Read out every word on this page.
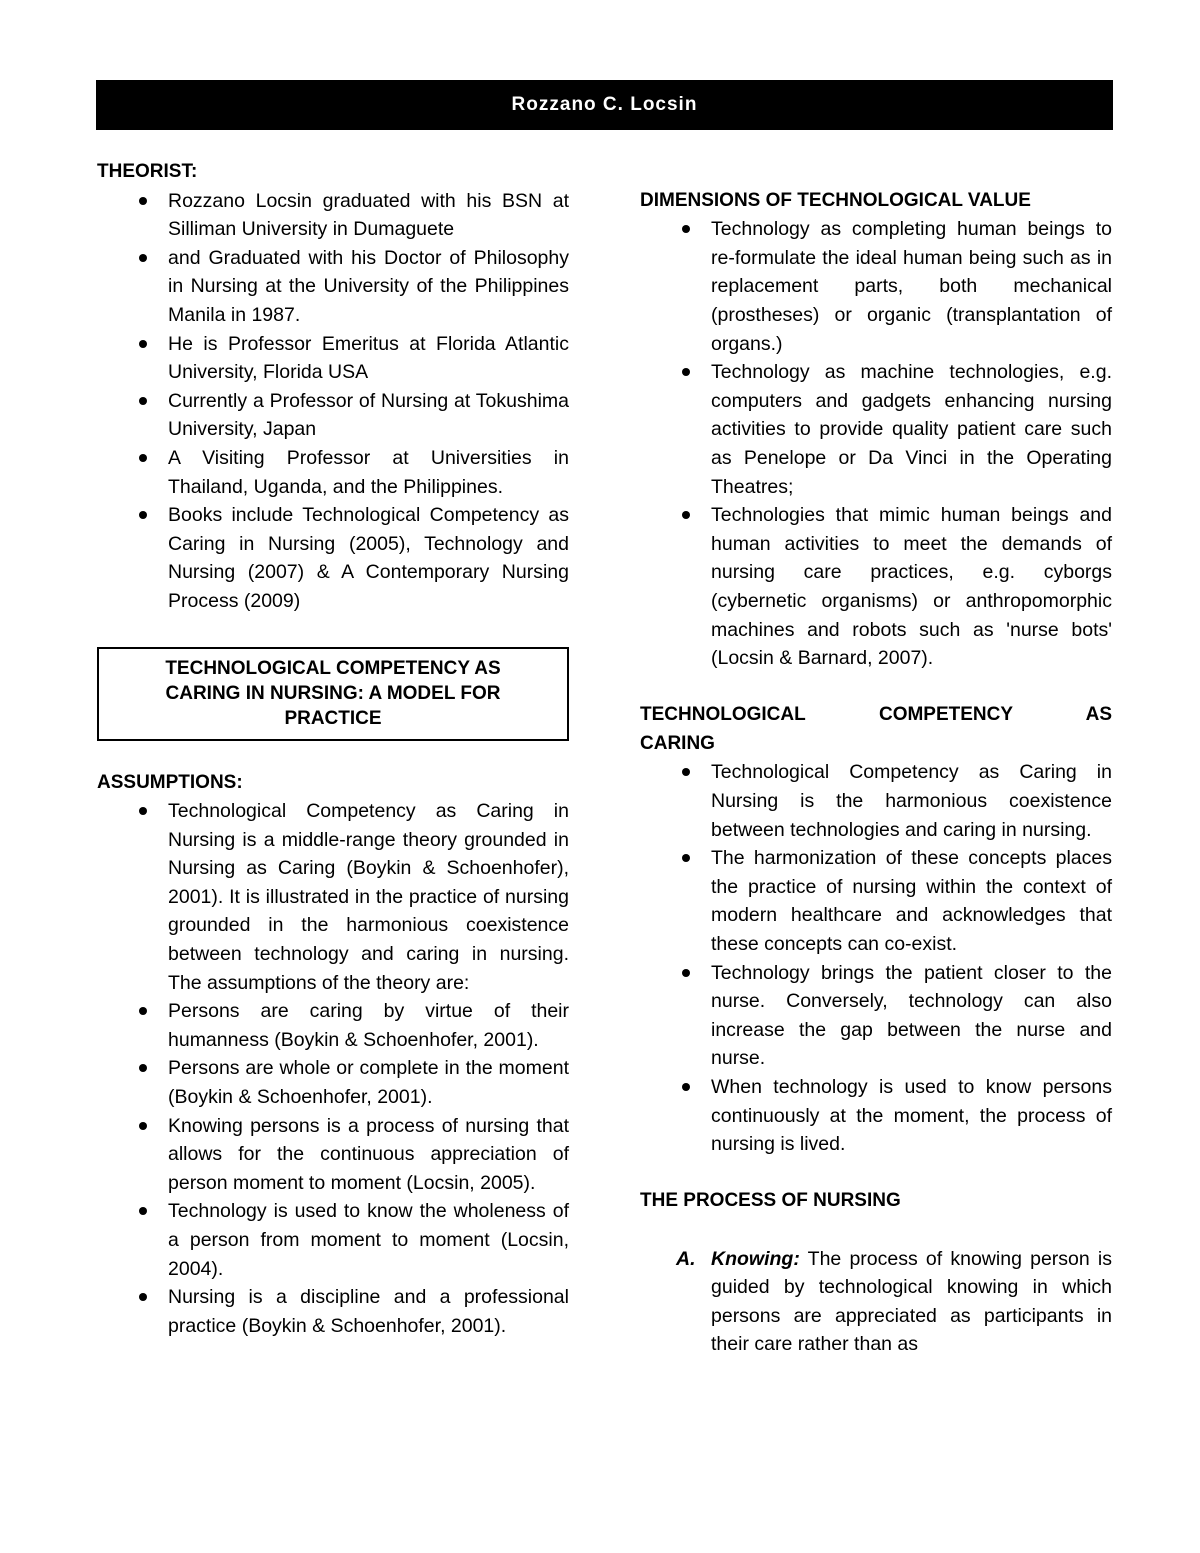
Rozzano C. Locsin

THEORIST:

Rozzano Locsin graduated with his BSN at Silliman University in Dumaguete
and Graduated with his Doctor of Philosophy in Nursing at the University of the Philippines Manila in 1987.
He is Professor Emeritus at Florida Atlantic University, Florida USA
Currently a Professor of Nursing at Tokushima University, Japan
A Visiting Professor at Universities in Thailand, Uganda, and the Philippines.
Books include Technological Competency as Caring in Nursing (2005), Technology and Nursing (2007) & A Contemporary Nursing Process (2009)
TECHNOLOGICAL COMPETENCY AS CARING IN NURSING: A MODEL FOR PRACTICE

ASSUMPTIONS:

Technological Competency as Caring in Nursing is a middle-range theory grounded in Nursing as Caring (Boykin & Schoenhofer), 2001). It is illustrated in the practice of nursing grounded in the harmonious coexistence between technology and caring in nursing. The assumptions of the theory are:
Persons are caring by virtue of their humanness (Boykin & Schoenhofer, 2001).
Persons are whole or complete in the moment (Boykin & Schoenhofer, 2001).
Knowing persons is a process of nursing that allows for the continuous appreciation of person moment to moment (Locsin, 2005).
Technology is used to know the wholeness of a person from moment to moment (Locsin, 2004).
Nursing is a discipline and a professional practice (Boykin & Schoenhofer, 2001).

DIMENSIONS OF TECHNOLOGICAL VALUE

Technology as completing human beings to re-formulate the ideal human being such as in replacement parts, both mechanical (prostheses) or organic (transplantation of organs.)
Technology as machine technologies, e.g. computers and gadgets enhancing nursing activities to provide quality patient care such as Penelope or Da Vinci in the Operating Theatres;
Technologies that mimic human beings and human activities to meet the demands of nursing care practices, e.g. cyborgs (cybernetic organisms) or anthropomorphic machines and robots such as 'nurse bots' (Locsin & Barnard, 2007).

TECHNOLOGICAL COMPETENCY AS

CARING

Technological Competency as Caring in Nursing is the harmonious coexistence between technologies and caring in nursing.
The harmonization of these concepts places the practice of nursing within the context of modern healthcare and acknowledges that these concepts can co-exist.
Technology brings the patient closer to the nurse. Conversely, technology can also increase the gap between the nurse and nurse.
When technology is used to know persons continuously at the moment, the process of nursing is lived.

THE PROCESS OF NURSING

A. Knowing: The process of knowing person is guided by technological knowing in which persons are appreciated as participants in their care rather than as
